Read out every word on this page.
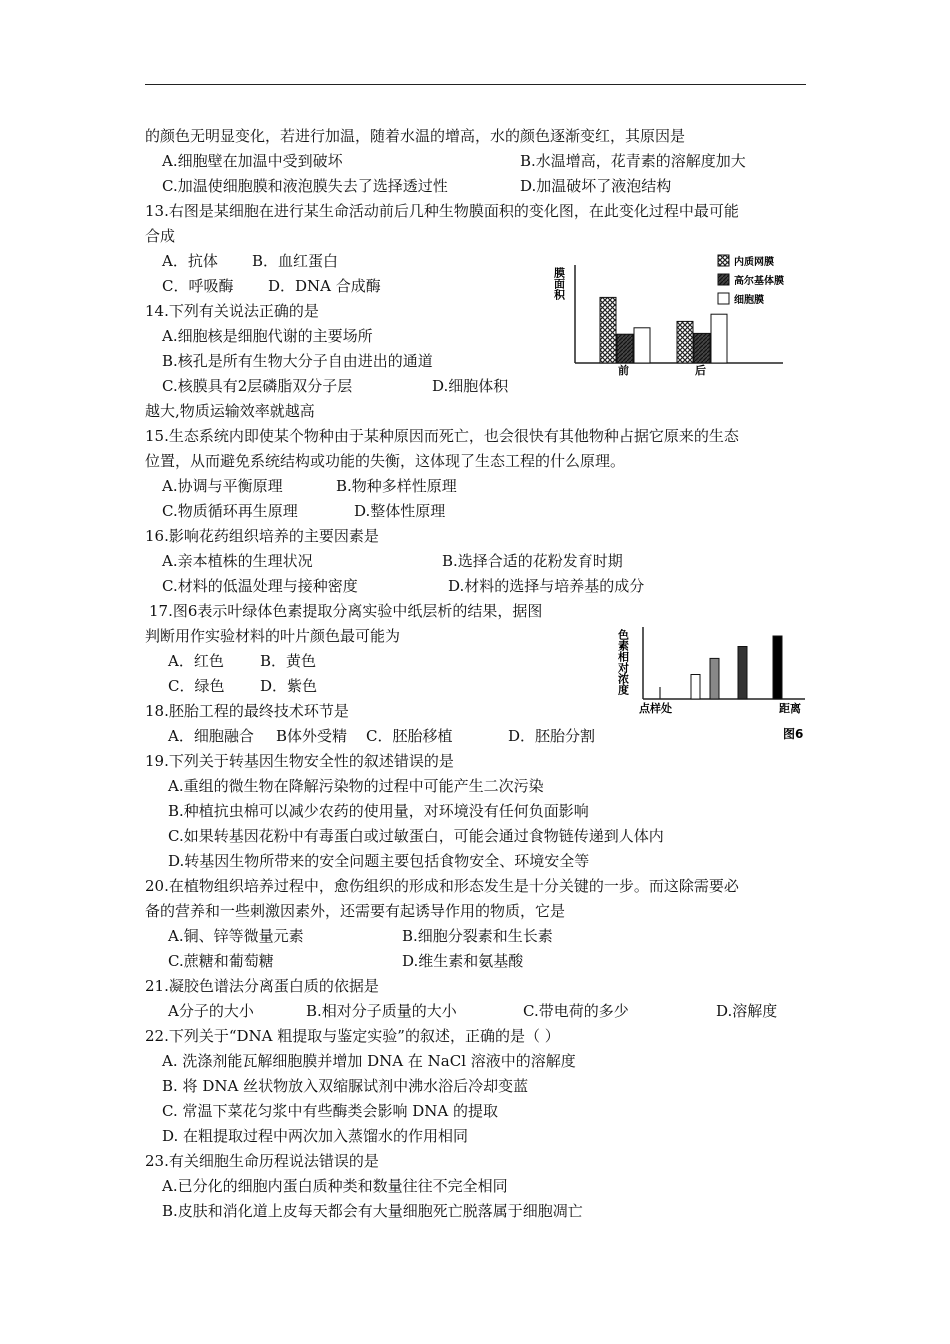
的颜色无明显变化，若进行加温，随着水温的增高，水的颜色逐渐变红，其原因是
A.细胞壁在加温中受到破坏	B.水温增高，花青素的溶解度加大
C.加温使细胞膜和液泡膜失去了选择透过性	D.加温破坏了液泡结构
13.右图是某细胞在进行某生命活动前后几种生物膜面积的变化图，在此变化过程中最可能
合成
A．抗体 B．血红蛋白
C．呼吸酶 D．DNA 合成酶	膜面积
前	后
内质网膜
高尔基体膜
细胞膜
14.下列有关说法正确的是
A.细胞核是细胞代谢的主要场所
B.核孔是所有生物大分子自由进出的通道
C.核膜具有2层磷脂双分子层	D.细胞体积
越大,物质运输效率就越高
15.生态系统内即使某个物种由于某种原因而死亡，也会很快有其他物种占据它原来的生态
位置，从而避免系统结构或功能的失衡，这体现了生态工程的什么原理。
A.协调与平衡原理	B.物种多样性原理
C.物质循环再生原理	D.整体性原理
16.影响花药组织培养的主要因素是
A.亲本植株的生理状况	B.选择合适的花粉发育时期
C.材料的低温处理与接种密度	D.材料的选择与培养基的成分
17.图6表示叶绿体色素提取分离实验中纸层析的结果，据图
判断用作实验材料的叶片颜色最可能为
A．红色 B．黄色
C．绿色 D．紫色	色素相对浓度
点样处	距离
图6
18.胚胎工程的最终技术环节是
A．细胞融合 B体外受精 C．胚胎移植	D．胚胎分割
19.下列关于转基因生物安全性的叙述错误的是
A.重组的微生物在降解污染物的过程中可能产生二次污染
B.种植抗虫棉可以减少农药的使用量，对环境没有任何负面影响
C.如果转基因花粉中有毒蛋白或过敏蛋白，可能会通过食物链传递到人体内
D.转基因生物所带来的安全问题主要包括食物安全、环境安全等
20.在植物组织培养过程中，愈伤组织的形成和形态发生是十分关键的一步。而这除需要必
备的营养和一些刺激因素外，还需要有起诱导作用的物质，它是
A.铜、锌等微量元素	B.细胞分裂素和生长素
C.蔗糖和葡萄糖	D.维生素和氨基酸
21.凝胶色谱法分离蛋白质的依据是
A分子的大小	B.相对分子质量的大小	C.带电荷的多少	D.溶解度
22.下列关于“DNA 粗提取与鉴定实验”的叙述，正确的是（ ）
A. 洗涤剂能瓦解细胞膜并增加 DNA 在 NaCl 溶液中的溶解度
B. 将 DNA 丝状物放入双缩脲试剂中沸水浴后冷却变蓝
C. 常温下菜花匀浆中有些酶类会影响 DNA 的提取
D. 在粗提取过程中两次加入蒸馏水的作用相同
23.有关细胞生命历程说法错误的是
A.已分化的细胞内蛋白质种类和数量往往不完全相同
B.皮肤和消化道上皮每天都会有大量细胞死亡脱落属于细胞凋亡
